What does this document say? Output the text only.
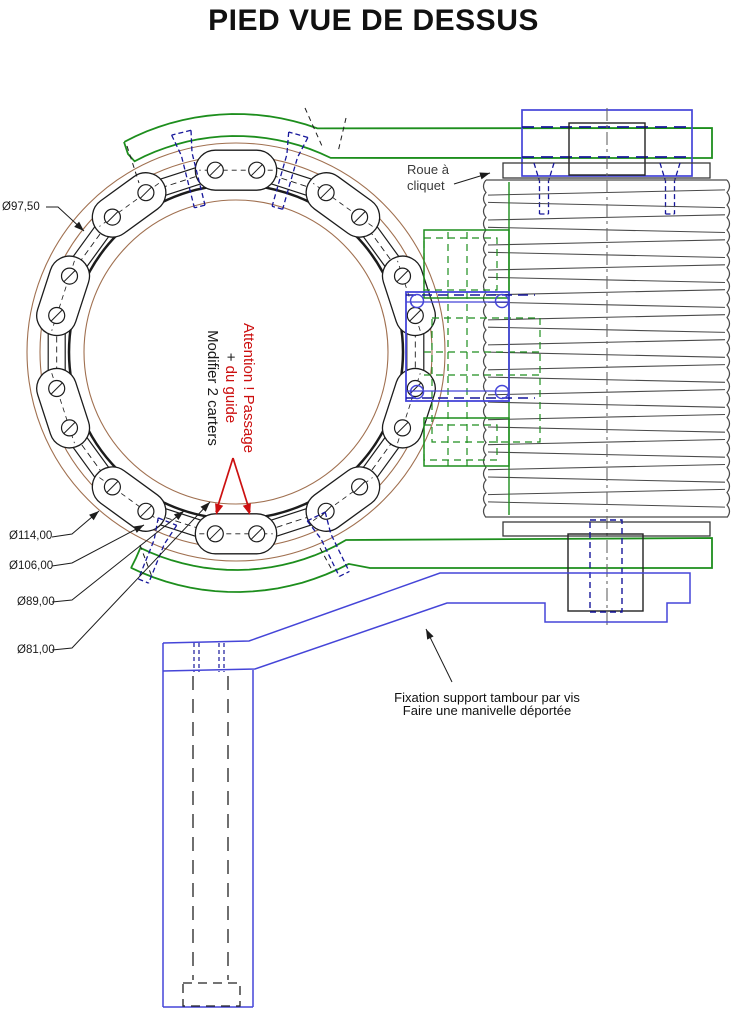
PIED VUE DE DESSUS
Ø97,50
Ø114,00
Ø106,00
Ø89,00
Ø81,00
Roue à
cliquet
Attention ! Passage
+ du guide
Modifier 2 carters
Fixation support tambour par vis
Faire une manivelle déportée
